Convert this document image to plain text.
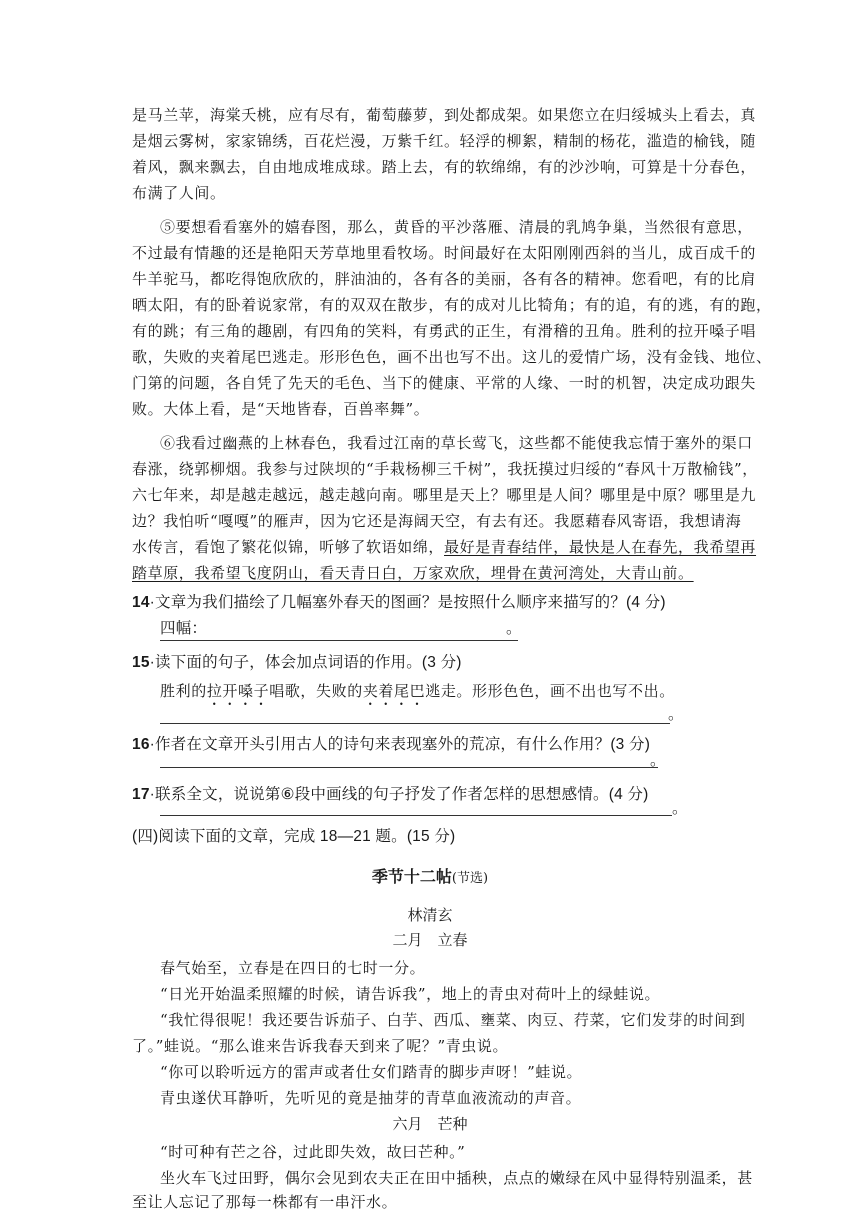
是马兰苹，海棠夭桃，应有尽有，葡萄藤萝，到处都成架。如果您立在归绥城头上看去，真
是烟云雾树，家家锦绣，百花烂漫，万紫千红。轻浮的柳絮，精制的杨花，滥造的榆钱，随
着风，飘来飘去，自由地成堆成球。踏上去，有的软绵绵，有的沙沙响，可算是十分春色，
布满了人间。
⑤要想看看塞外的嬉春图，那么，黄昏的平沙落雁、清晨的乳鸠争巢，当然很有意思，
不过最有情趣的还是艳阳天芳草地里看牧场。时间最好在太阳刚刚西斜的当儿，成百成千的
牛羊驼马，都吃得饱欣欣的，胖油油的，各有各的美丽，各有各的精神。您看吧，有的比肩
晒太阳，有的卧着说家常，有的双双在散步，有的成对儿比犄角；有的追，有的逃，有的跑，
有的跳；有三角的趣剧，有四角的笑料，有勇武的正生，有滑稽的丑角。胜利的拉开嗓子唱
歌，失败的夹着尾巴逃走。形形色色，画不出也写不出。这儿的爱情广场，没有金钱、地位、
门第的问题，各自凭了先天的毛色、当下的健康、平常的人缘、一时的机智，决定成功跟失
败。大体上看，是“天地皆春，百兽率舞”。
⑥我看过幽燕的上林春色，我看过江南的草长莺飞，这些都不能使我忘情于塞外的渠口
春涨，绕郭柳烟。我参与过陕坝的“手栽杨柳三千树”，我抚摸过归绥的“春风十万散榆钱”，
六七年来，却是越走越远，越走越向南。哪里是天上？哪里是人间？哪里是中原？哪里是九
边？我怕听“嘎嘎”的雁声，因为它还是海阔天空，有去有还。我愿藉春风寄语，我想请海
水传言，看饱了繁花似锦，听够了软语如绵，最好是青春结伴，最快是人在春先，我希望再
踏草原，我希望飞度阴山，看天青日白，万家欢欣，埋骨在黄河湾处，大青山前。
14·文章为我们描绘了几幅塞外春天的图画？是按照什么顺序来描写的？(4 分)
四幅：	。
15·读下面的句子，体会加点词语的作用。(3 分)
胜利的拉开嗓子唱歌，失败的夹着尾巴逃走。形形色色，画不出也写不出。
。
16·作者在文章开头引用古人的诗句来表现塞外的荒凉，有什么作用？(3 分)
。
17·联系全文，说说第⑥段中画线的句子抒发了作者怎样的思想感情。(4 分)
。
(四)阅读下面的文章，完成 18—21 题。(15 分)
季节十二帖(节选)
林清玄
二月　立春
春气始至，立春是在四日的七时一分。
“日光开始温柔照耀的时候，请告诉我”，地上的青虫对荷叶上的绿蛙说。
“我忙得很呢！我还要告诉茄子、白芋、西瓜、壅菜、肉豆、荇菜，它们发芽的时间到
了。”蛙说。“那么谁来告诉我春天到来了呢？”青虫说。
“你可以聆听远方的雷声或者仕女们踏青的脚步声呀！”蛙说。
青虫遂伏耳静听，先听见的竟是抽芽的青草血液流动的声音。
六月　芒种
“时可种有芒之谷，过此即失效，故曰芒种。”
坐火车飞过田野，偶尔会见到农夫正在田中插秧，点点的嫩绿在风中显得特别温柔，甚
至让人忘记了那每一株都有一串汗水。
